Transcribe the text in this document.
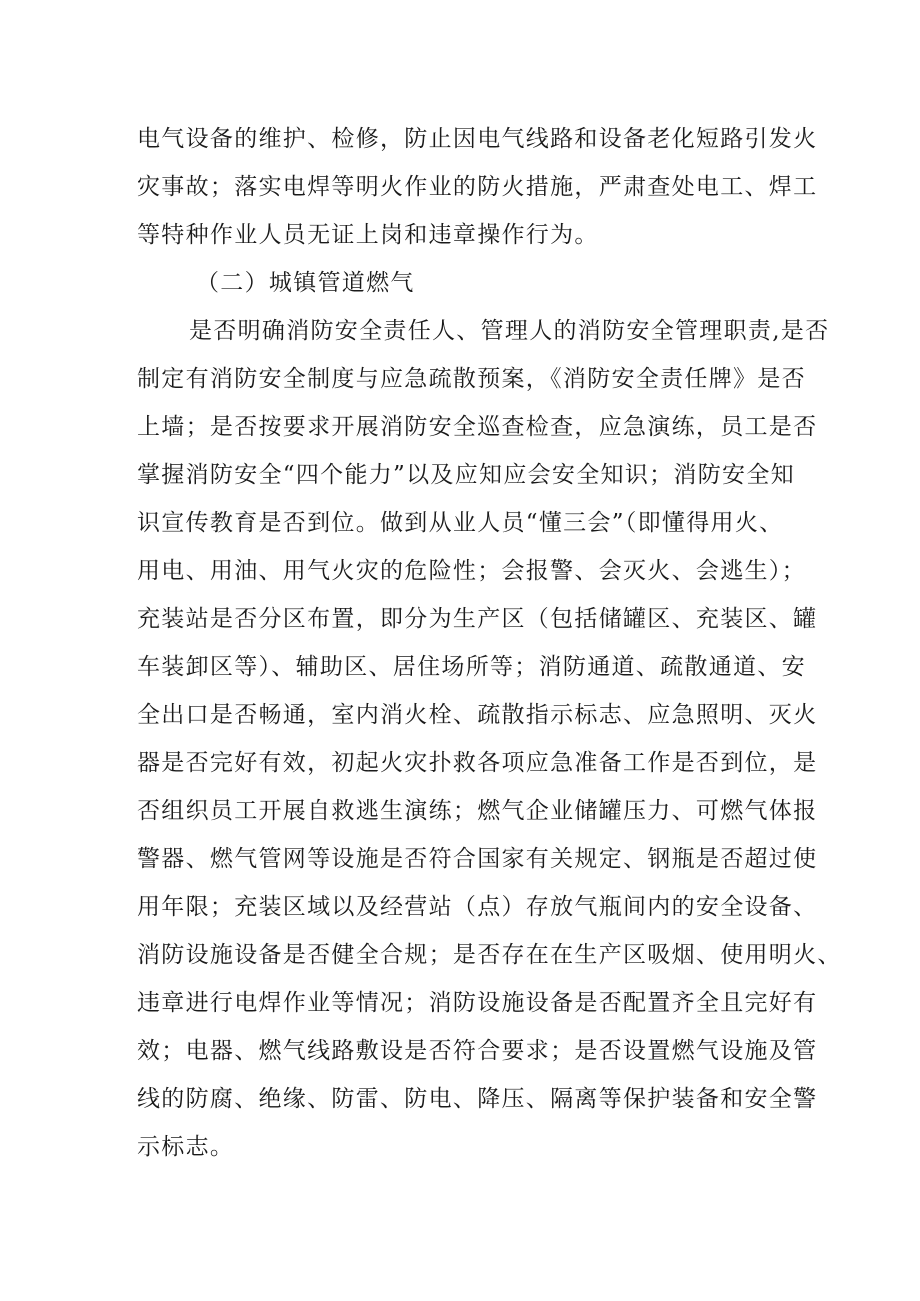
电气设备的维护、检修，防止因电气线路和设备老化短路引发火
灾事故；落实电焊等明火作业的防火措施，严肃查处电工、焊工
等特种作业人员无证上岗和违章操作行为。
（二）城镇管道燃气
是否明确消防安全责任人、管理人的消防安全管理职责,是否
制定有消防安全制度与应急疏散预案，《消防安全责任牌》是否
上墙；是否按要求开展消防安全巡查检查，应急演练，员工是否
掌握消防安全“四个能力”以及应知应会安全知识；消防安全知
识宣传教育是否到位。做到从业人员“懂三会”（即懂得用火、
用电、用油、用气火灾的危险性；会报警、会灭火、会逃生）；
充装站是否分区布置，即分为生产区（包括储罐区、充装区、罐
车装卸区等）、辅助区、居住场所等；消防通道、疏散通道、安
全出口是否畅通，室内消火栓、疏散指示标志、应急照明、灭火
器是否完好有效，初起火灾扑救各项应急准备工作是否到位，是
否组织员工开展自救逃生演练；燃气企业储罐压力、可燃气体报
警器、燃气管网等设施是否符合国家有关规定、钢瓶是否超过使
用年限；充装区域以及经营站（点）存放气瓶间内的安全设备、
消防设施设备是否健全合规；是否存在在生产区吸烟、使用明火、
违章进行电焊作业等情况；消防设施设备是否配置齐全且完好有
效；电器、燃气线路敷设是否符合要求；是否设置燃气设施及管
线的防腐、绝缘、防雷、防电、降压、隔离等保护装备和安全警
示标志。
